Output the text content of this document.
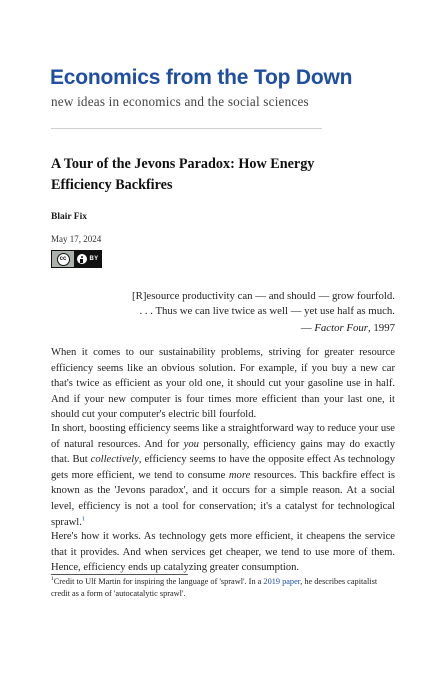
Economics from the Top Down
new ideas in economics and the social sciences
A Tour of the Jevons Paradox: How Energy Efficiency Backfires
Blair Fix
May 17, 2024
cc	BY

[R]esource productivity can — and should — grow fourfold.

. . . Thus we can live twice as well — yet use half as much.

— Factor Four, 1997

When it comes to our sustainability problems, striving for greater resource efficiency seems like an obvious solution. For example, if you buy a new car that's twice as efficient as your old one, it should cut your gasoline use in half. And if your new computer is four times more efficient than your last one, it should cut your computer's electric bill fourfold.

In short, boosting efficiency seems like a straightforward way to reduce your use of natural resources. And for you personally, efficiency gains may do exactly that. But collectively, efficiency seems to have the opposite effect As technology gets more efficient, we tend to consume more resources. This backfire effect is known as the 'Jevons paradox', and it occurs for a simple reason. At a social level, efficiency is not a tool for conservation; it's a catalyst for technological sprawl.$^1$

Here's how it works. As technology gets more efficient, it cheapens the service that it provides. And when services get cheaper, we tend to use more of them. Hence, efficiency ends up catalyzing greater consumption.

$^1$Credit to Ulf Martin for inspiring the language of 'sprawl'. In a 2019 paper, he describes capitalist credit as a form of 'autocatalytic sprawl'.
